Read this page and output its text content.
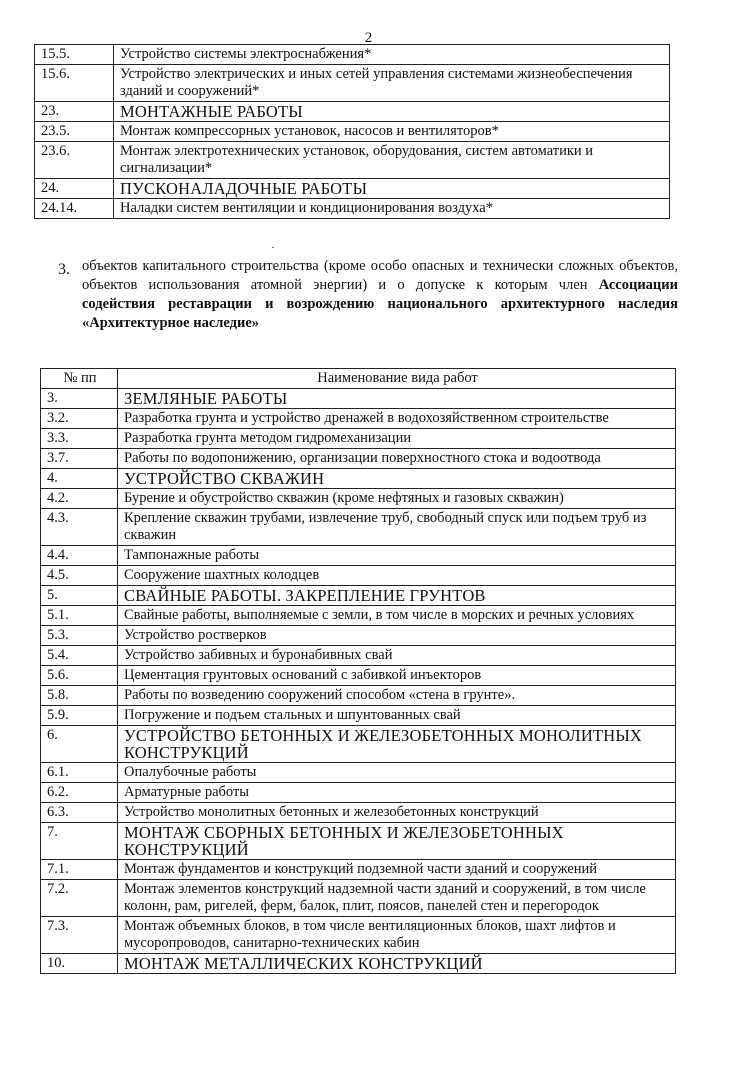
2
15.5.	Устройство системы электроснабжения*
15.6.	Устройство электрических и иных сетей управления системами жизнеобеспечения зданий и сооружений*
23.	МОНТАЖНЫЕ РАБОТЫ
23.5.	Монтаж компрессорных установок, насосов и вентиляторов*
23.6.	Монтаж электротехнических установок, оборудования, систем автоматики и сигнализации*
24.	ПУСКОНАЛАДОЧНЫЕ РАБОТЫ
24.14.	Наладки систем вентиляции и кондиционирования воздуха*
·
3. объектов капитального строительства (кроме особо опасных и технически сложных объектов, объектов использования атомной энергии) и о допуске к которым член Ассоциации содействия реставрации и возрождению национального архитектурного наследия «Архитектурное наследие»
№ пп	Наименование вида работ
3.	ЗЕМЛЯНЫЕ РАБОТЫ
3.2.	Разработка грунта и устройство дренажей в водохозяйственном строительстве
3.3.	Разработка грунта методом гидромеханизации
3.7.	Работы по водопонижению, организации поверхностного стока и водоотвода
4.	УСТРОЙСТВО СКВАЖИН
4.2.	Бурение и обустройство скважин (кроме нефтяных и газовых скважин)
4.3.	Крепление скважин трубами, извлечение труб, свободный спуск или подъем труб из скважин
4.4.	Тампонажные работы
4.5.	Сооружение шахтных колодцев
5.	СВАЙНЫЕ РАБОТЫ. ЗАКРЕПЛЕНИЕ ГРУНТОВ
5.1.	Свайные работы, выполняемые с земли, в том числе в морских и речных условиях
5.3.	Устройство ростверков
5.4.	Устройство забивных и буронабивных свай
5.6.	Цементация грунтовых оснований с забивкой инъекторов
5.8.	Работы по возведению сооружений способом «стена в грунте».
5.9.	Погружение и подъем стальных и шпунтованных свай
6.	УСТРОЙСТВО БЕТОННЫХ И ЖЕЛЕЗОБЕТОННЫХ МОНОЛИТНЫХ КОНСТРУКЦИЙ
6.1.	Опалубочные работы
6.2.	Арматурные работы
6.3.	Устройство монолитных бетонных и железобетонных конструкций
7.	МОНТАЖ СБОРНЫХ БЕТОННЫХ И ЖЕЛЕЗОБЕТОННЫХ КОНСТРУКЦИЙ
7.1.	Монтаж фундаментов и конструкций подземной части зданий и сооружений
7.2.	Монтаж элементов конструкций надземной части зданий и сооружений, в том числе колонн, рам, ригелей, ферм, балок, плит, поясов, панелей стен и перегородок
7.3.	Монтаж объемных блоков, в том числе вентиляционных блоков, шахт лифтов и мусоропроводов, санитарно-технических кабин
10.	МОНТАЖ МЕТАЛЛИЧЕСКИХ КОНСТРУКЦИЙ
